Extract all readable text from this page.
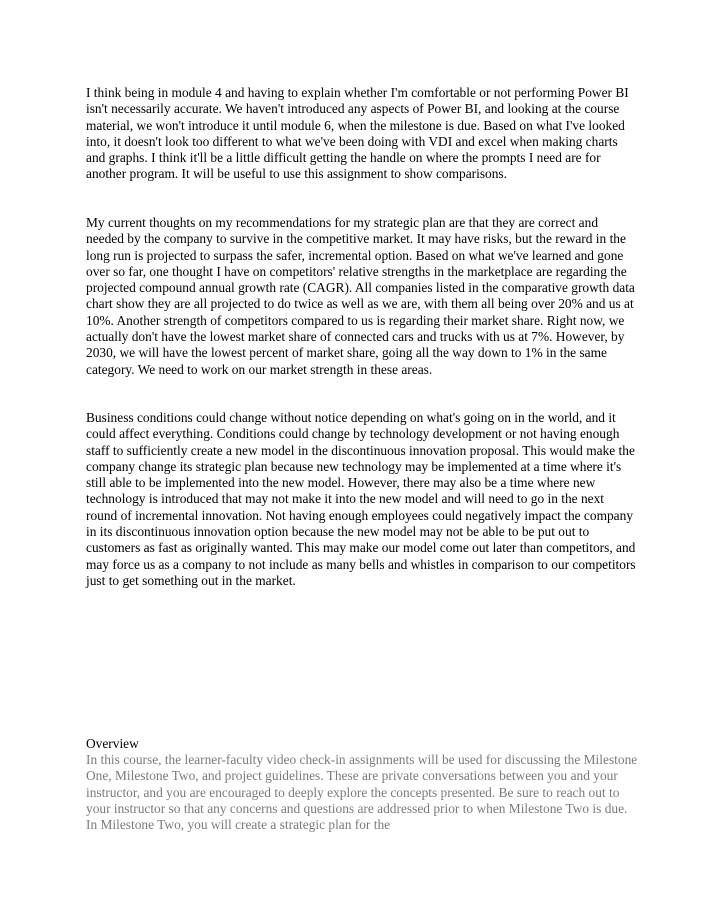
I think being in module 4 and having to explain whether I'm comfortable or not performing Power BI isn't necessarily accurate. We haven't introduced any aspects of Power BI, and looking at the course material, we won't introduce it until module 6, when the milestone is due. Based on what I've looked into, it doesn't look too different to what we've been doing with VDI and excel when making charts and graphs. I think it'll be a little difficult getting the handle on where the prompts I need are for another program. It will be useful to use this assignment to show comparisons.

My current thoughts on my recommendations for my strategic plan are that they are correct and needed by the company to survive in the competitive market. It may have risks, but the reward in the long run is projected to surpass the safer, incremental option. Based on what we've learned and gone over so far, one thought I have on competitors' relative strengths in the marketplace are regarding the projected compound annual growth rate (CAGR). All companies listed in the comparative growth data chart show they are all projected to do twice as well as we are, with them all being over 20% and us at 10%. Another strength of competitors compared to us is regarding their market share. Right now, we actually don't have the lowest market share of connected cars and trucks with us at 7%. However, by 2030, we will have the lowest percent of market share, going all the way down to 1% in the same category. We need to work on our market strength in these areas.

Business conditions could change without notice depending on what's going on in the world, and it could affect everything. Conditions could change by technology development or not having enough staff to sufficiently create a new model in the discontinuous innovation proposal. This would make the company change its strategic plan because new technology may be implemented at a time where it's still able to be implemented into the new model. However, there may also be a time where new technology is introduced that may not make it into the new model and will need to go in the next round of incremental innovation. Not having enough employees could negatively impact the company in its discontinuous innovation option because the new model may not be able to be put out to customers as fast as originally wanted. This may make our model come out later than competitors, and may force us as a company to not include as many bells and whistles in comparison to our competitors just to get something out in the market.

Overview

In this course, the learner-faculty video check-in assignments will be used for discussing the Milestone One, Milestone Two, and project guidelines. These are private conversations between you and your instructor, and you are encouraged to deeply explore the concepts presented. Be sure to reach out to your instructor so that any concerns and questions are addressed prior to when Milestone Two is due. In Milestone Two, you will create a strategic plan for the
